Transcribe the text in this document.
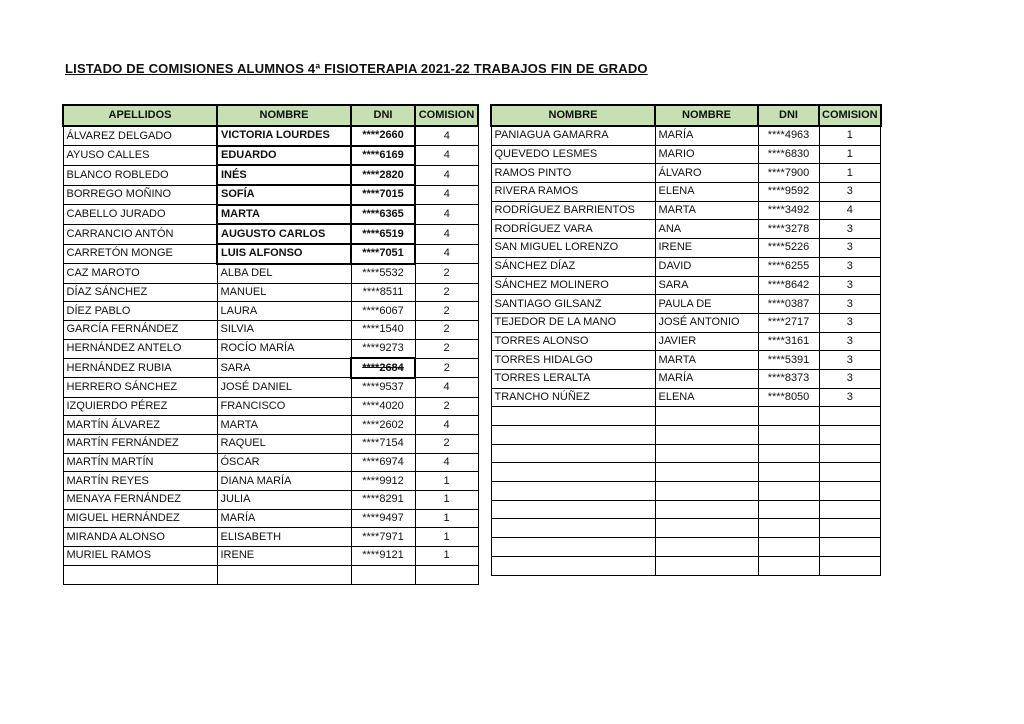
LISTADO DE COMISIONES ALUMNOS 4ª FISIOTERAPIA 2021-22 TRABAJOS FIN DE GRADO
APELLIDOS	NOMBRE	DNI	COMISION
ÁLVAREZ DELGADO	VICTORIA LOURDES	****2660	4
AYUSO CALLES	EDUARDO	****6169	4
BLANCO ROBLEDO	INÉS	****2820	4
BORREGO MOÑINO	SOFÍA	****7015	4
CABELLO JURADO	MARTA	****6365	4
CARRANCIO ANTÓN	AUGUSTO CARLOS	****6519	4
CARRETÓN MONGE	LUIS ALFONSO	****7051	4
CAZ MAROTO	ALBA DEL	****5532	2
DÍAZ SÁNCHEZ	MANUEL	****8511	2
DÍEZ PABLO	LAURA	****6067	2
GARCÍA FERNÁNDEZ	SILVIA	****1540	2
HERNÁNDEZ ANTELO	ROCÍO MARÍA	****9273	2
HERNÁNDEZ RUBIA	SARA	****2684	2
HERRERO SÁNCHEZ	JOSÉ DANIEL	****9537	4
IZQUIERDO PÉREZ	FRANCISCO	****4020	2
MARTÍN ÁLVAREZ	MARTA	****2602	4
MARTÍN FERNÁNDEZ	RAQUEL	****7154	2
MARTÍN MARTÍN	ÓSCAR	****6974	4
MARTÍN REYES	DIANA MARÍA	****9912	1
MENAYA FERNÁNDEZ	JULIA	****8291	1
MIGUEL HERNÁNDEZ	MARÍA	****9497	1
MIRANDA ALONSO	ELISABETH	****7971	1
MURIEL RAMOS	IRENE	****9121	1

NOMBRE	NOMBRE	DNI	COMISION
PANIAGUA GAMARRA	MARÍA	****4963	1
QUEVEDO LESMES	MARIO	****6830	1
RAMOS PINTO	ÁLVARO	****7900	1
RIVERA RAMOS	ELENA	****9592	3
RODRÍGUEZ BARRIENTOS	MARTA	****3492	4
RODRÍGUEZ VARA	ANA	****3278	3
SAN MIGUEL LORENZO	IRENE	****5226	3
SÁNCHEZ DÍAZ	DAVID	****6255	3
SÁNCHEZ MOLINERO	SARA	****8642	3
SANTIAGO GILSANZ	PAULA DE	****0387	3
TEJEDOR DE LA MANO	JOSÉ ANTONIO	****2717	3
TORRES ALONSO	JAVIER	****3161	3
TORRES HIDALGO	MARTA	****5391	3
TORRES LERALTA	MARÍA	****8373	3
TRANCHO NÚÑEZ	ELENA	****8050	3
